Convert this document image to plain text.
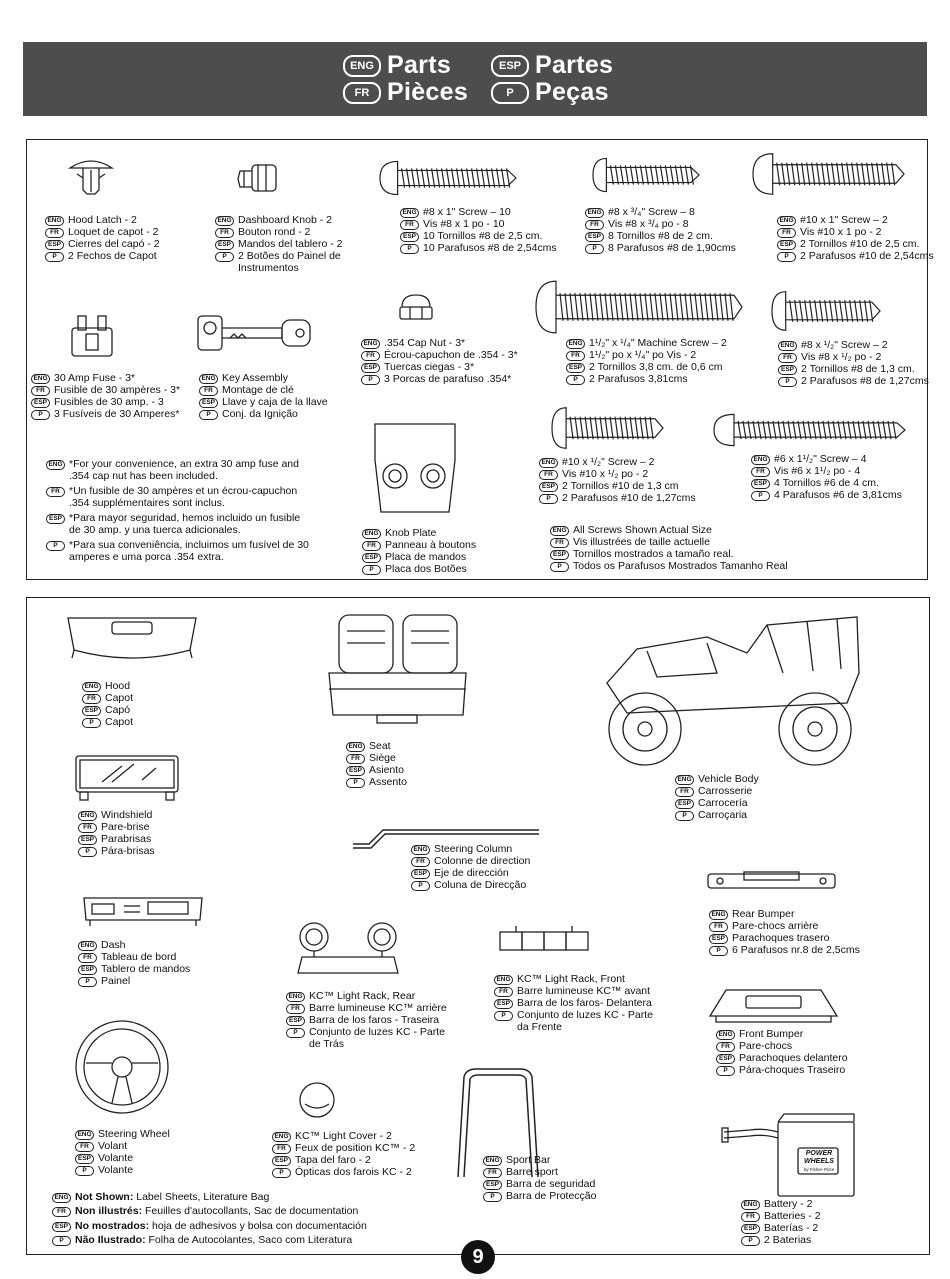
ENG Parts
FR Pièces
ESP Partes
P Peças
ENG Hood Latch - 2
FR Loquet de capot - 2
ESP Cierres del capó - 2
P 2 Fechos de Capot
ENG Dashboard Knob - 2
FR Bouton rond - 2
ESP Mandos del tablero - 2
P 2 Botões do Painel de
Instrumentos
ENG #8 x 1" Screw – 10
FR Vis #8 x 1 po - 10
ESP 10 Tornillos #8 de 2,5 cm.
P 10 Parafusos #8 de 2,54cms
ENG #8 x ³/₄" Screw – 8
FR Vis #8 x ³/₄ po - 8
ESP 8 Tornillos #8 de 2 cm.
P 8 Parafusos #8 de 1,90cms
ENG #10 x 1" Screw – 2
FR Vis #10 x 1 po - 2
ESP 2 Tornillos #10 de 2,5 cm.
P 2 Parafusos #10 de 2,54cms
ENG 30 Amp Fuse - 3*
FR Fusible de 30 ampères - 3*
ESP Fusibles de 30 amp. - 3
P 3 Fusíveis de 30 Amperes*
ENG Key Assembly
FR Montage de clé
ESP Llave y caja de la llave
P Conj. da Ignição
ENG .354 Cap Nut - 3*
FR Écrou-capuchon de .354 - 3*
ESP Tuercas ciegas - 3*
P 3 Porcas de parafuso .354*
ENG 1¹/₂" x ¹/₄" Machine Screw – 2
FR 1¹/₂" po x ¹/₄" po Vis - 2
ESP 2 Tornillos 3,8 cm. de 0,6 cm
P 2 Parafusos 3,81cms
ENG #8 x ¹/₂" Screw – 2
FR Vis #8 x ¹/₂ po - 2
ESP 2 Tornillos #8 de 1,3 cm.
P 2 Parafusos #8 de 1,27cms
ENG *For your convenience, an extra 30 amp fuse and
.354 cap nut has been included.
FR *Un fusible de 30 ampères et un écrou-capuchon
.354 supplémentaires sont inclus.
ESP *Para mayor seguridad, hemos incluido un fusible
de 30 amp. y una tuerca adicionales.
P *Para sua conveniência, incluimos um fusível de 30
amperes e uma porca .354 extra.
ENG #10 x ¹/₂" Screw – 2
FR Vis #10 x ¹/₂ po - 2
ESP 2 Tornillos #10 de 1,3 cm
P 2 Parafusos #10 de 1,27cms
ENG #6 x 1¹/₂" Screw – 4
FR Vis #6 x 1¹/₂ po - 4
ESP 4 Tornillos #6 de 4 cm.
P 4 Parafusos #6 de 3,81cms
ENG Knob Plate
FR Panneau à boutons
ESP Placa de mandos
P Placa dos Botões
ENG All Screws Shown Actual Size
FR Vis illustrées de taille actuelle
ESP Tornillos mostrados a tamaño real.
P Todos os Parafusos Mostrados Tamanho Real
ENG Hood
FR Capot
ESP Capó
P Capot
ENG Seat
FR Siège
ESP Asiento
P Assento	ENG Vehicle Body
FR Carrosserie
ESP Carrocería
P Carroçaria
ENG Windshield
FR Pare-brise
ESP Parabrisas
P Pára-brisas	ENG Steering Column
FR Colonne de direction
ESP Eje de dirección
P Coluna de Direcção
ENG Rear Bumper
FR Pare-chocs arrière
ESP Parachoques trasero
P 6 Parafusos nr.8 de 2,5cms
ENG Dash
FR Tableau de bord
ESP Tablero de mandos
P Painel	ENG KC™ Light Rack, Front
FR Barre lumineuse KC™ avant
ESP Barra de los faros- Delantera
P Conjunto de luzes KC - Parte
da Frente
ENG KC™ Light Rack, Rear
FR Barre lumineuse KC™ arrière
ESP Barra de los faros - Traseira
P Conjunto de luzes KC - Parte
de Trás
ENG Front Bumper
FR Pare-chocs
ESP Parachoques delantero
P Pára-choques Traseiro
POWER
WHEELS
by Fisher-Price
ENG Steering Wheel
FR Volant
ESP Volante
P Volante
ENG KC™ Light Cover - 2
FR Feux de position KC™ - 2
ESP Tapa del faro - 2
P Ópticas dos farois KC - 2
ENG Sport Bar
FR Barre sport
ESP Barra de seguridad
P Barra de Protecção
ENG Battery - 2
FR Batteries - 2
ESP Baterías - 2
P 2 Baterias
ENG Not Shown: Label Sheets, Literature Bag
FR Non illustrés: Feuilles d'autocollants, Sac de documentation
ESP No mostrados: hoja de adhesivos y bolsa con documentación
P Não Ilustrado: Folha de Autocolantes, Saco com Literatura
9
